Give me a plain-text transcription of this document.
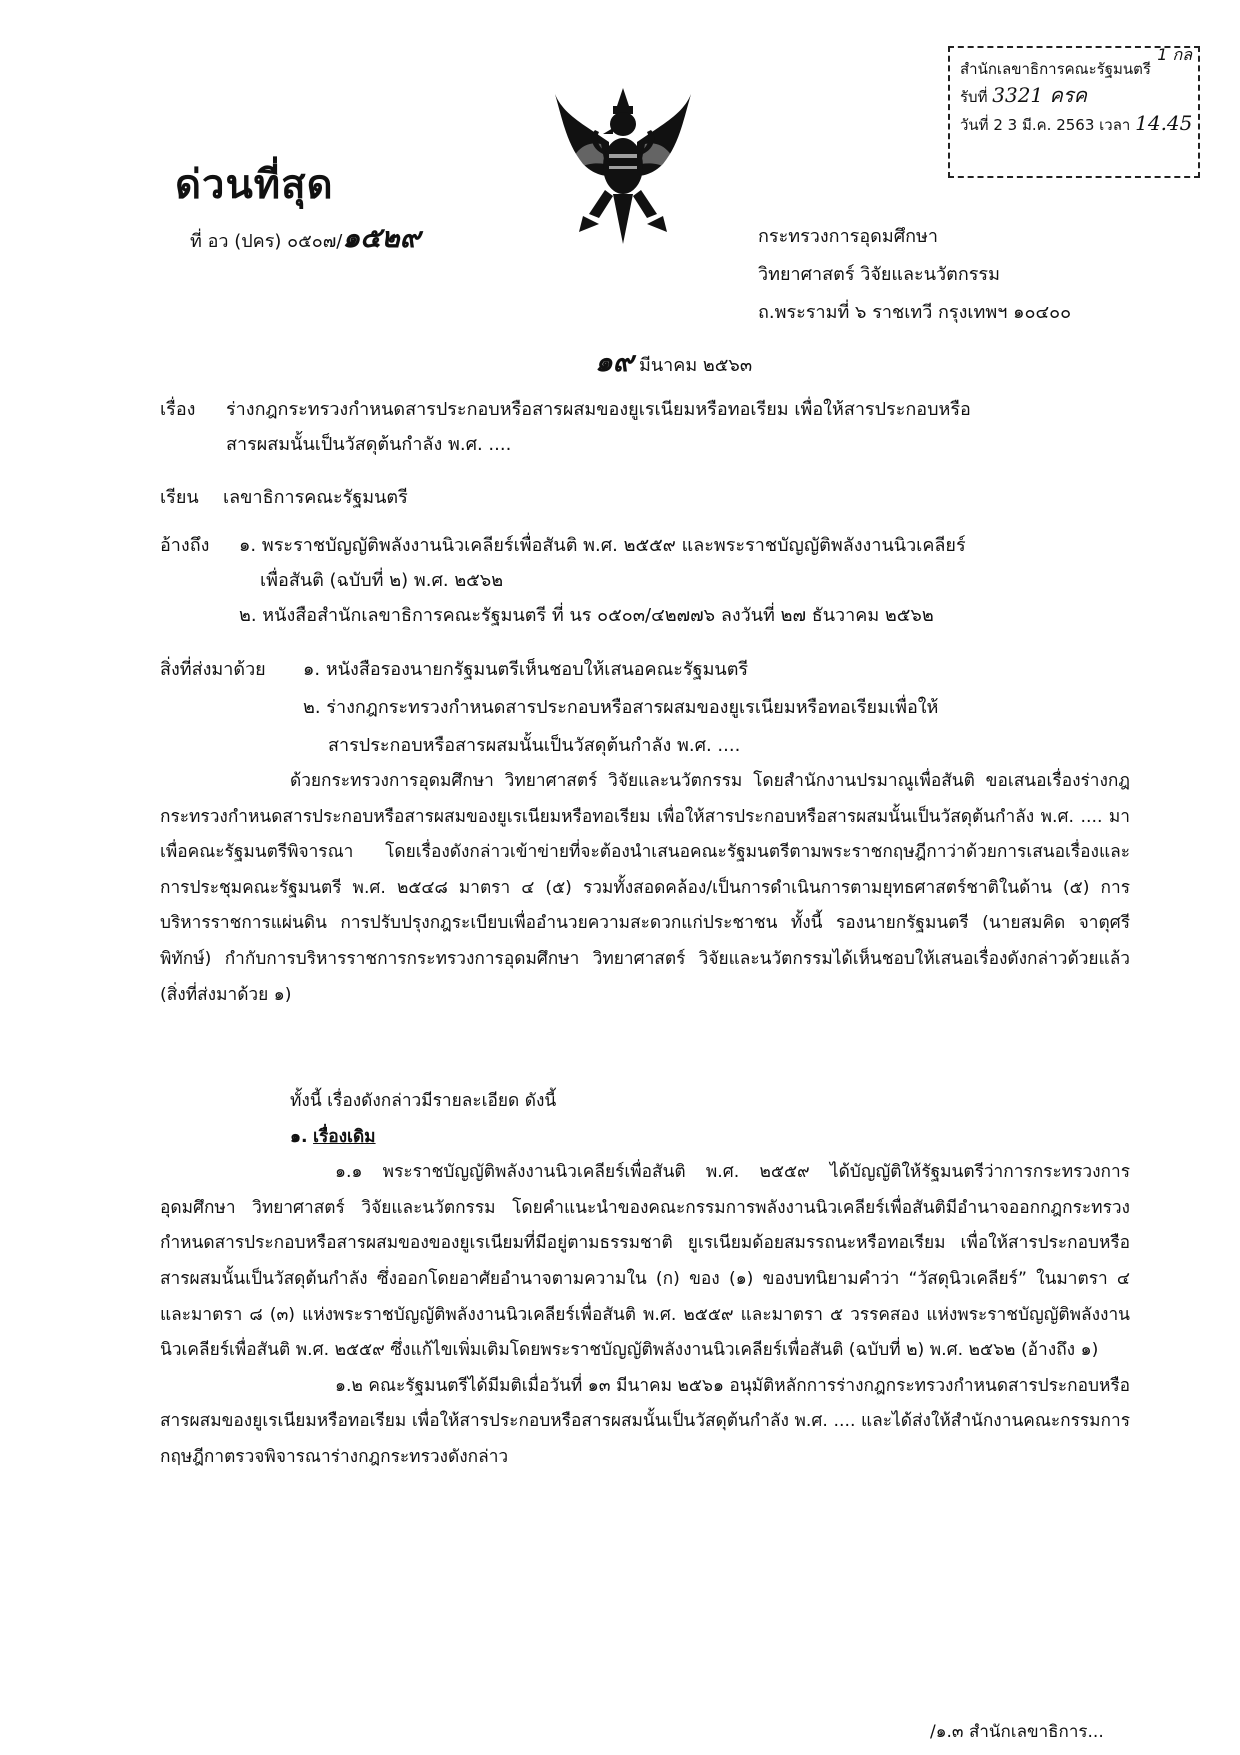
1 กล
สำนักเลขาธิการคณะรัฐมนตรี
รับที่ 3321 ครค
วันที่ 2 3 มี.ค. 2563 เวลา 14.45
ด่วนที่สุด
ที่ อว (ปคร) ๐๕๐๗/๑๕๒๙	กระทรวงการอุดมศึกษา
วิทยาศาสตร์ วิจัยและนวัตกรรม
ถ.พระรามที่ ๖ ราชเทวี กรุงเทพฯ ๑๐๔๐๐
๑๙ มีนาคม ๒๕๖๓
เรื่อง ร่างกฎกระทรวงกำหนดสารประกอบหรือสารผสมของยูเรเนียมหรือทอเรียม เพื่อให้สารประกอบหรือ
สารผสมนั้นเป็นวัสดุต้นกำลัง พ.ศ. ....
เรียน เลขาธิการคณะรัฐมนตรี
อ้างถึง ๑. พระราชบัญญัติพลังงานนิวเคลียร์เพื่อสันติ พ.ศ. ๒๕๕๙ และพระราชบัญญัติพลังงานนิวเคลียร์
เพื่อสันติ (ฉบับที่ ๒) พ.ศ. ๒๕๖๒
๒. หนังสือสำนักเลขาธิการคณะรัฐมนตรี ที่ นร ๐๕๐๓/๔๒๗๗๖ ลงวันที่ ๒๗ ธันวาคม ๒๕๖๒
สิ่งที่ส่งมาด้วย ๑. หนังสือรองนายกรัฐมนตรีเห็นชอบให้เสนอคณะรัฐมนตรี
๒. ร่างกฎกระทรวงกำหนดสารประกอบหรือสารผสมของยูเรเนียมหรือทอเรียมเพื่อให้
สารประกอบหรือสารผสมนั้นเป็นวัสดุต้นกำลัง พ.ศ. ....

ด้วยกระทรวงการอุดมศึกษา วิทยาศาสตร์ วิจัยและนวัตกรรม โดยสำนักงานปรมาณูเพื่อสันติ ขอเสนอเรื่องร่างกฎกระทรวงกำหนดสารประกอบหรือสารผสมของยูเรเนียมหรือทอเรียม เพื่อให้สารประกอบหรือสารผสมนั้นเป็นวัสดุต้นกำลัง พ.ศ. .... มาเพื่อคณะรัฐมนตรีพิจารณา โดยเรื่องดังกล่าวเข้าข่ายที่จะต้องนำเสนอคณะรัฐมนตรีตามพระราชกฤษฎีกาว่าด้วยการเสนอเรื่องและการประชุมคณะรัฐมนตรี พ.ศ. ๒๕๔๘ มาตรา ๔ (๕) รวมทั้งสอดคล้อง/เป็นการดำเนินการตามยุทธศาสตร์ชาติในด้าน (๕) การบริหารราชการแผ่นดิน การปรับปรุงกฎระเบียบเพื่ออำนวยความสะดวกแก่ประชาชน ทั้งนี้ รองนายกรัฐมนตรี (นายสมคิด จาตุศรีพิทักษ์) กำกับการบริหารราชการกระทรวงการอุดมศึกษา วิทยาศาสตร์ วิจัยและนวัตกรรมได้เห็นชอบให้เสนอเรื่องดังกล่าวด้วยแล้ว (สิ่งที่ส่งมาด้วย ๑)

ทั้งนี้ เรื่องดังกล่าวมีรายละเอียด ดังนี้

๑. เรื่องเดิม

๑.๑ พระราชบัญญัติพลังงานนิวเคลียร์เพื่อสันติ พ.ศ. ๒๕๕๙ ได้บัญญัติให้รัฐมนตรีว่าการกระทรวงการอุดมศึกษา วิทยาศาสตร์ วิจัยและนวัตกรรม โดยคำแนะนำของคณะกรรมการพลังงานนิวเคลียร์เพื่อสันติมีอำนาจออกกฎกระทรวงกำหนดสารประกอบหรือสารผสมของของยูเรเนียมที่มีอยู่ตามธรรมชาติ ยูเรเนียมด้อยสมรรถนะหรือทอเรียม เพื่อให้สารประกอบหรือสารผสมนั้นเป็นวัสดุต้นกำลัง ซึ่งออกโดยอาศัยอำนาจตามความใน (ก) ของ (๑) ของบทนิยามคำว่า “วัสดุนิวเคลียร์” ในมาตรา ๔ และมาตรา ๘ (๓) แห่งพระราชบัญญัติพลังงานนิวเคลียร์เพื่อสันติ พ.ศ. ๒๕๕๙ และมาตรา ๕ วรรคสอง แห่งพระราชบัญญัติพลังงานนิวเคลียร์เพื่อสันติ พ.ศ. ๒๕๕๙ ซึ่งแก้ไขเพิ่มเติมโดยพระราชบัญญัติพลังงานนิวเคลียร์เพื่อสันติ (ฉบับที่ ๒) พ.ศ. ๒๕๖๒ (อ้างถึง ๑)

๑.๒ คณะรัฐมนตรีได้มีมติเมื่อวันที่ ๑๓ มีนาคม ๒๕๖๑ อนุมัติหลักการร่างกฎกระทรวงกำหนดสารประกอบหรือสารผสมของยูเรเนียมหรือทอเรียม เพื่อให้สารประกอบหรือสารผสมนั้นเป็นวัสดุต้นกำลัง พ.ศ. .... และได้ส่งให้สำนักงานคณะกรรมการกฤษฎีกาตรวจพิจารณาร่างกฎกระทรวงดังกล่าว

/๑.๓ สำนักเลขาธิการ...
